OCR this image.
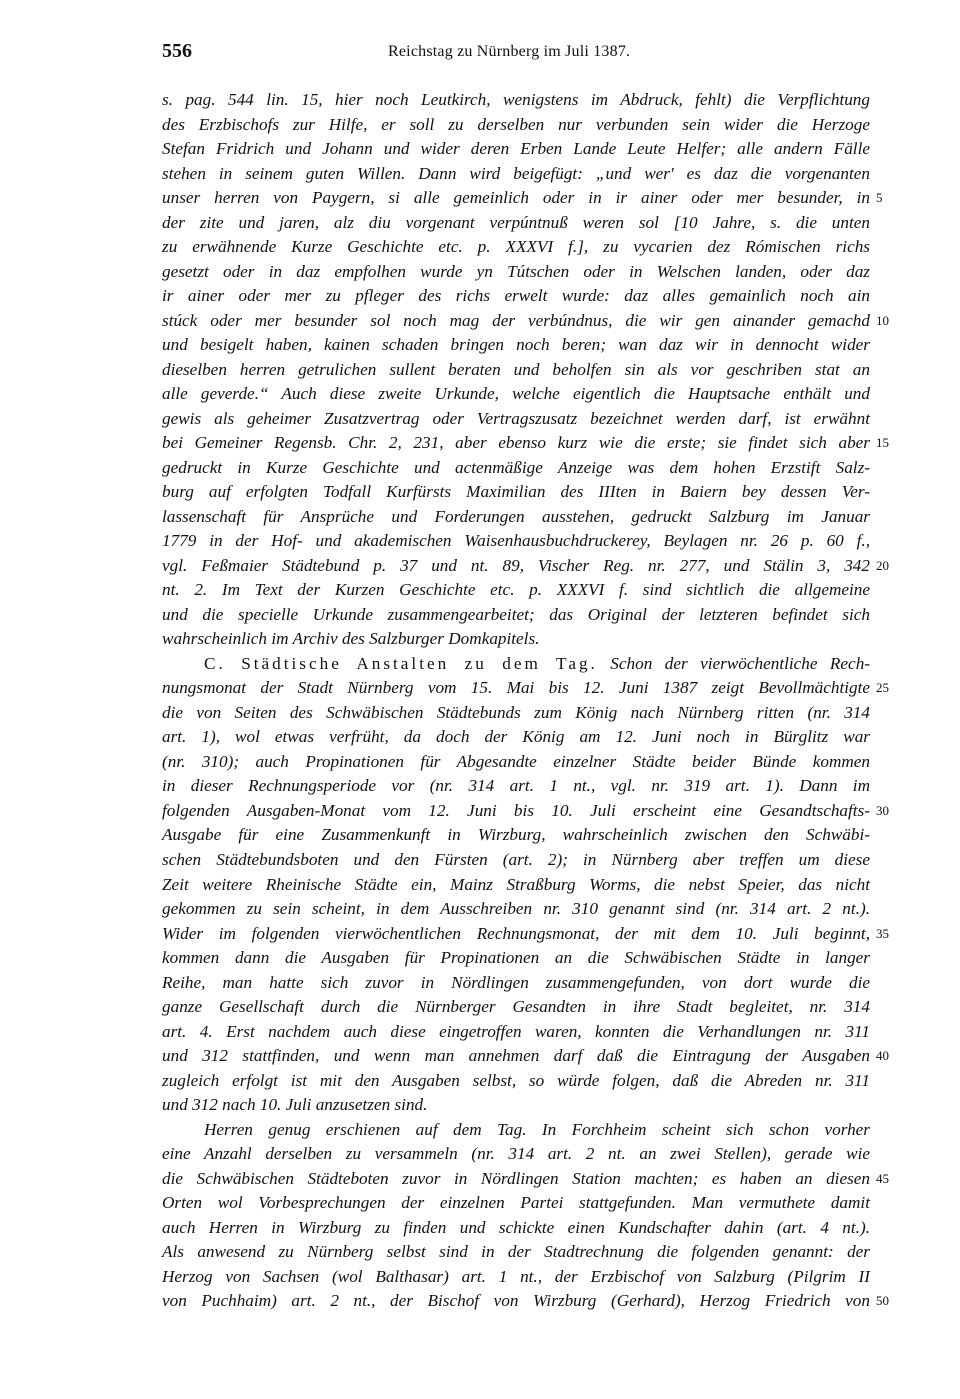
556	Reichstag zu Nürnberg im Juli 1387.
s. pag. 544 lin. 15, hier noch Leutkirch, wenigstens im Abdruck, fehlt) die Verpflichtung
des Erzbischofs zur Hilfe, er soll zu derselben nur verbunden sein wider die Herzoge
Stefan Fridrich und Johann und wider deren Erben Lande Leute Helfer; alle andern Fälle
stehen in seinem guten Willen. Dann wird beigefügt: „und wer' es daz die vorgenanten
unser herren von Paygern, si alle gemeinlich oder in ir ainer oder mer besunder, in 5
der zite und jaren, alz diu vorgenant verpúntnuß weren sol [10 Jahre, s. die unten
zu erwähnende Kurze Geschichte etc. p. XXXVI f.], zu vycarien dez Rómischen richs
gesetzt oder in daz empfolhen wurde yn Tútschen oder in Welschen landen, oder daz
ir ainer oder mer zu pfleger des richs erwelt wurde: daz alles gemainlich noch ain
stúck oder mer besunder sol noch mag der verbúndnus, die wir gen ainander gemachd 10
und besigelt haben, kainen schaden bringen noch beren; wan daz wir in dennocht wider
dieselben herren getrulichen sullent beraten und beholfen sin als vor geschriben stat an
alle geverde.“ Auch diese zweite Urkunde, welche eigentlich die Hauptsache enthält und
gewis als geheimer Zusatzvertrag oder Vertragszusatz bezeichnet werden darf, ist erwähnt
bei Gemeiner Regensb. Chr. 2, 231, aber ebenso kurz wie die erste; sie findet sich aber 15
gedruckt in Kurze Geschichte und actenmäßige Anzeige was dem hohen Erzstift Salz-
burg auf erfolgten Todfall Kurfürsts Maximilian des IIIten in Baiern bey dessen Ver-
lassenschaft für Ansprüche und Forderungen ausstehen, gedruckt Salzburg im Januar
1779 in der Hof- und akademischen Waisenhausbuchdruckerey, Beylagen nr. 26 p. 60 f.,
vgl. Feßmaier Städtebund p. 37 und nt. 89, Vischer Reg. nr. 277, und Stälin 3, 342 20
nt. 2. Im Text der Kurzen Geschichte etc. p. XXXVI f. sind sichtlich die allgemeine
und die specielle Urkunde zusammengearbeitet; das Original der letzteren befindet sich
wahrscheinlich im Archiv des Salzburger Domkapitels.
C. Städtische Anstalten zu dem Tag. Schon der vierwöchentliche Rech-
nungsmonat der Stadt Nürnberg vom 15. Mai bis 12. Juni 1387 zeigt Bevollmächtigte 25
die von Seiten des Schwäbischen Städtebunds zum König nach Nürnberg ritten (nr. 314
art. 1), wol etwas verfrüht, da doch der König am 12. Juni noch in Bürglitz war
(nr. 310); auch Propinationen für Abgesandte einzelner Städte beider Bünde kommen
in dieser Rechnungsperiode vor (nr. 314 art. 1 nt., vgl. nr. 319 art. 1). Dann im
folgenden Ausgaben-Monat vom 12. Juni bis 10. Juli erscheint eine Gesandtschafts- 30
Ausgabe für eine Zusammenkunft in Wirzburg, wahrscheinlich zwischen den Schwäbi-
schen Städtebundsboten und den Fürsten (art. 2); in Nürnberg aber treffen um diese
Zeit weitere Rheinische Städte ein, Mainz Straßburg Worms, die nebst Speier, das nicht
gekommen zu sein scheint, in dem Ausschreiben nr. 310 genannt sind (nr. 314 art. 2 nt.).
Wider im folgenden vierwöchentlichen Rechnungsmonat, der mit dem 10. Juli beginnt, 35
kommen dann die Ausgaben für Propinationen an die Schwäbischen Städte in langer
Reihe, man hatte sich zuvor in Nördlingen zusammengefunden, von dort wurde die
ganze Gesellschaft durch die Nürnberger Gesandten in ihre Stadt begleitet, nr. 314
art. 4. Erst nachdem auch diese eingetroffen waren, konnten die Verhandlungen nr. 311
und 312 stattfinden, und wenn man annehmen darf daß die Eintragung der Ausgaben 40
zugleich erfolgt ist mit den Ausgaben selbst, so würde folgen, daß die Abreden nr. 311
und 312 nach 10. Juli anzusetzen sind.
Herren genug erschienen auf dem Tag. In Forchheim scheint sich schon vorher
eine Anzahl derselben zu versammeln (nr. 314 art. 2 nt. an zwei Stellen), gerade wie
die Schwäbischen Städteboten zuvor in Nördlingen Station machten; es haben an diesen 45
Orten wol Vorbesprechungen der einzelnen Partei stattgefunden. Man vermuthete damit
auch Herren in Wirzburg zu finden und schickte einen Kundschafter dahin (art. 4 nt.).
Als anwesend zu Nürnberg selbst sind in der Stadtrechnung die folgenden genannt: der
Herzog von Sachsen (wol Balthasar) art. 1 nt., der Erzbischof von Salzburg (Pilgrim II
von Puchhaim) art. 2 nt., der Bischof von Wirzburg (Gerhard), Herzog Friedrich von 50
